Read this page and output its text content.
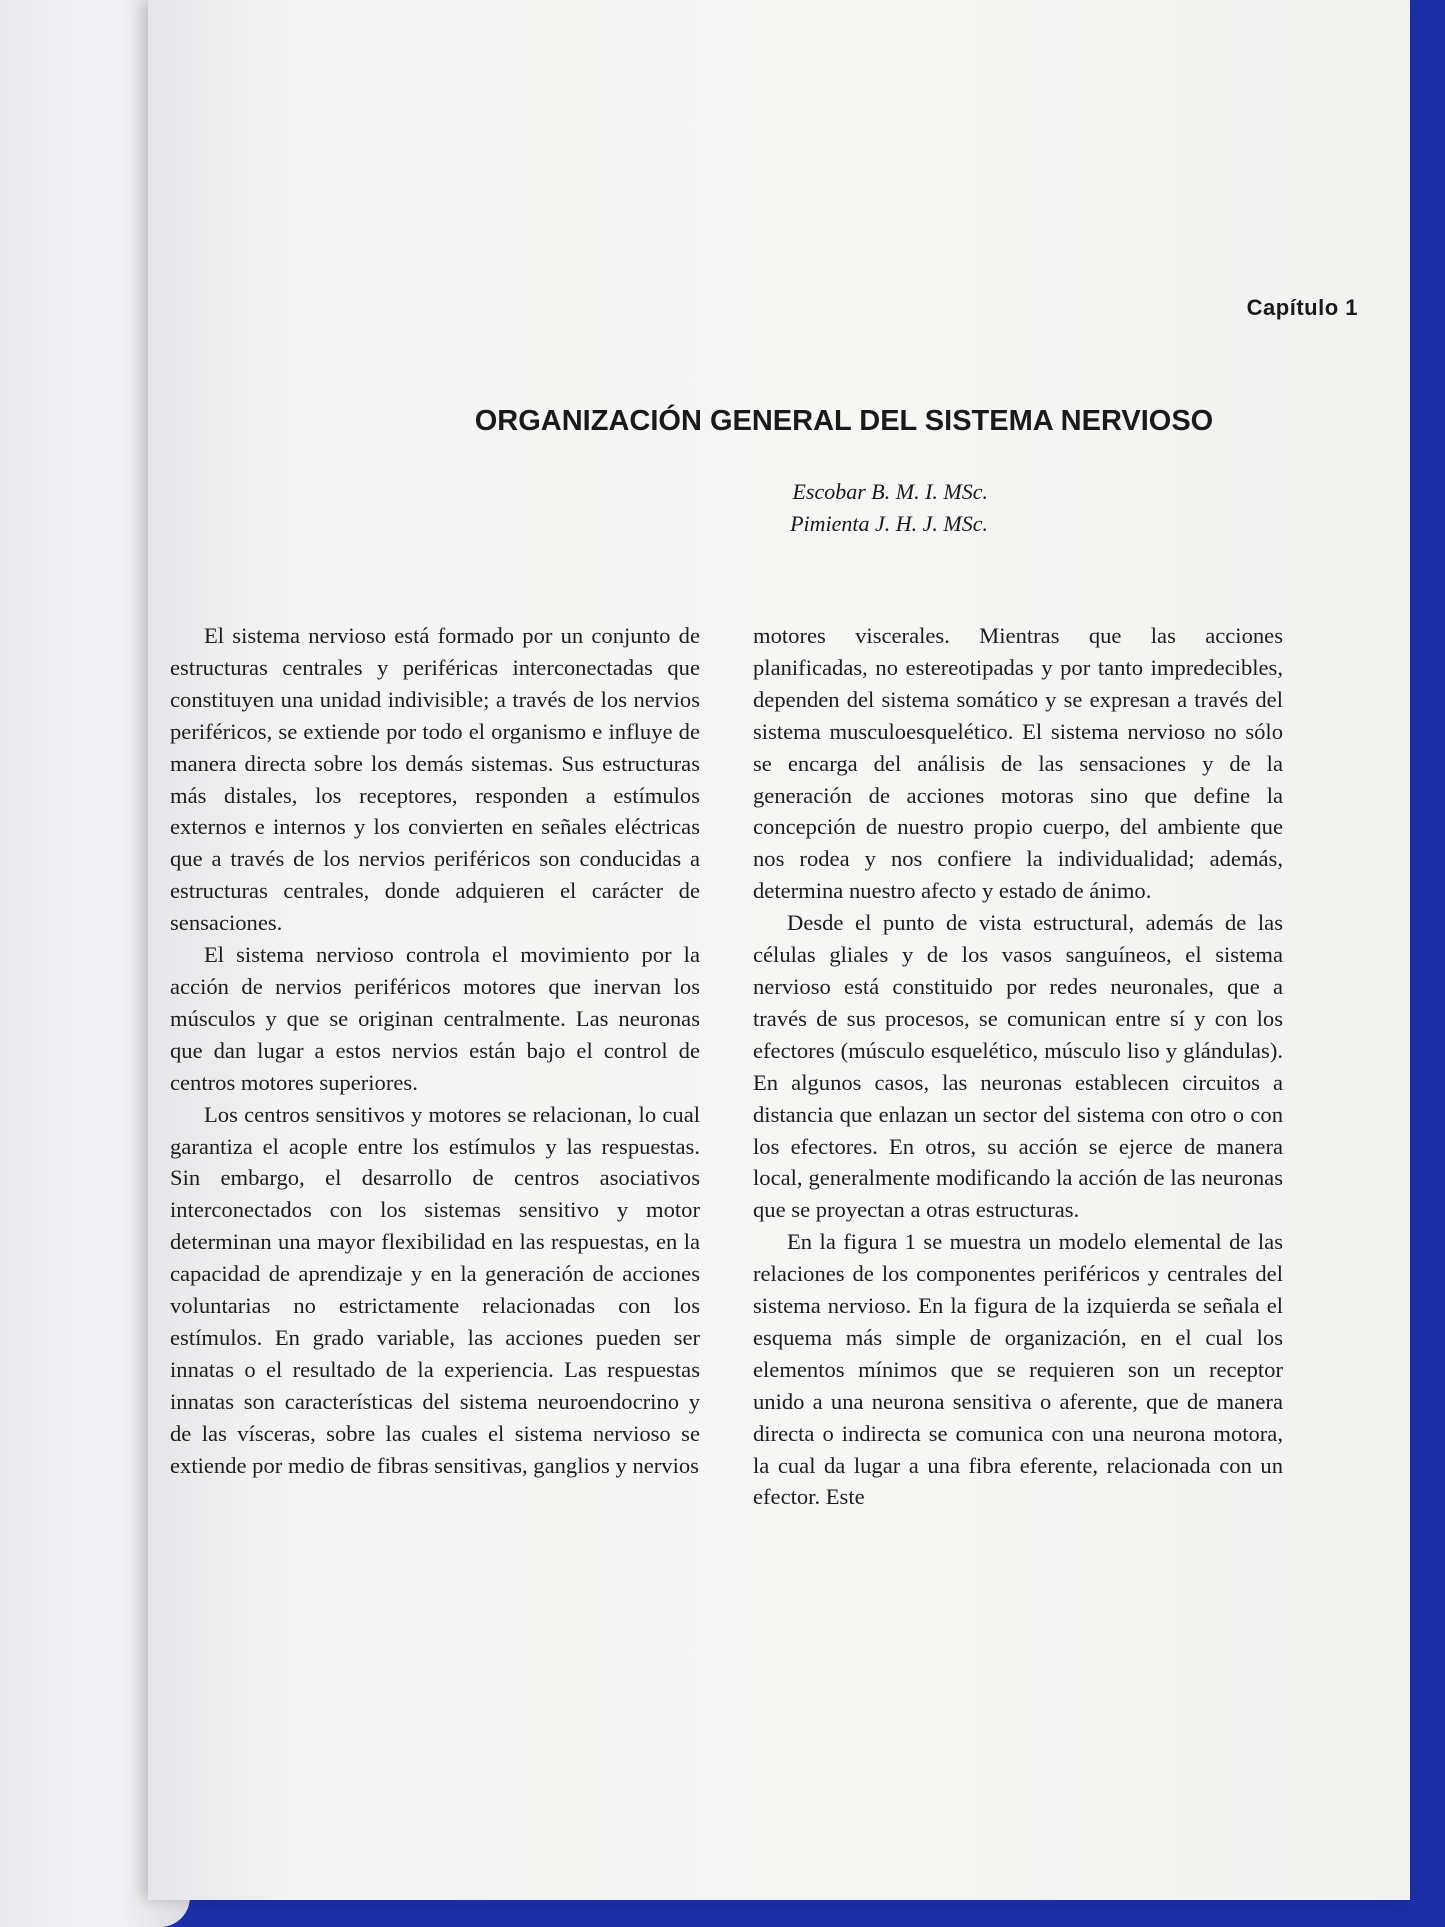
Capítulo 1
ORGANIZACIÓN GENERAL DEL SISTEMA NERVIOSO
Escobar B. M. I. MSc.
Pimienta J. H. J. MSc.

El sistema nervioso está formado por un conjunto de estructuras centrales y periféricas interconectadas que constituyen una unidad indivisible; a través de los nervios periféricos, se extiende por todo el organismo e influye de manera directa sobre los demás sistemas. Sus estructuras más distales, los receptores, responden a estímulos externos e internos y los convierten en señales eléctricas que a través de los nervios periféricos son conducidas a estructuras centrales, donde adquieren el carácter de sensaciones.

El sistema nervioso controla el movimiento por la acción de nervios periféricos motores que inervan los músculos y que se originan centralmente. Las neuronas que dan lugar a estos nervios están bajo el control de centros motores superiores.

Los centros sensitivos y motores se relacionan, lo cual garantiza el acople entre los estímulos y las respuestas. Sin embargo, el desarrollo de centros asociativos interconectados con los sistemas sensitivo y motor determinan una mayor flexibilidad en las respuestas, en la capacidad de aprendizaje y en la generación de acciones voluntarias no estrictamente relacionadas con los estímulos. En grado variable, las acciones pueden ser innatas o el resultado de la experiencia. Las respuestas innatas son características del sistema neuroendocrino y de las vísceras, sobre las cuales el sistema nervioso se extiende por medio de fibras sensitivas, ganglios y nervios

motores viscerales. Mientras que las acciones planificadas, no estereotipadas y por tanto impredecibles, dependen del sistema somático y se expresan a través del sistema musculoesquelético. El sistema nervioso no sólo se encarga del análisis de las sensaciones y de la generación de acciones motoras sino que define la concepción de nuestro propio cuerpo, del ambiente que nos rodea y nos confiere la individualidad; además, determina nuestro afecto y estado de ánimo.

Desde el punto de vista estructural, además de las células gliales y de los vasos sanguíneos, el sistema nervioso está constituido por redes neuronales, que a través de sus procesos, se comunican entre sí y con los efectores (músculo esquelético, músculo liso y glándulas). En algunos casos, las neuronas establecen circuitos a distancia que enlazan un sector del sistema con otro o con los efectores. En otros, su acción se ejerce de manera local, generalmente modificando la acción de las neuronas que se proyectan a otras estructuras.

En la figura 1 se muestra un modelo elemental de las relaciones de los componentes periféricos y centrales del sistema nervioso. En la figura de la izquierda se señala el esquema más simple de organización, en el cual los elementos mínimos que se requieren son un receptor unido a una neurona sensitiva o aferente, que de manera directa o indirecta se comunica con una neurona motora, la cual da lugar a una fibra eferente, relacionada con un efector. Este
